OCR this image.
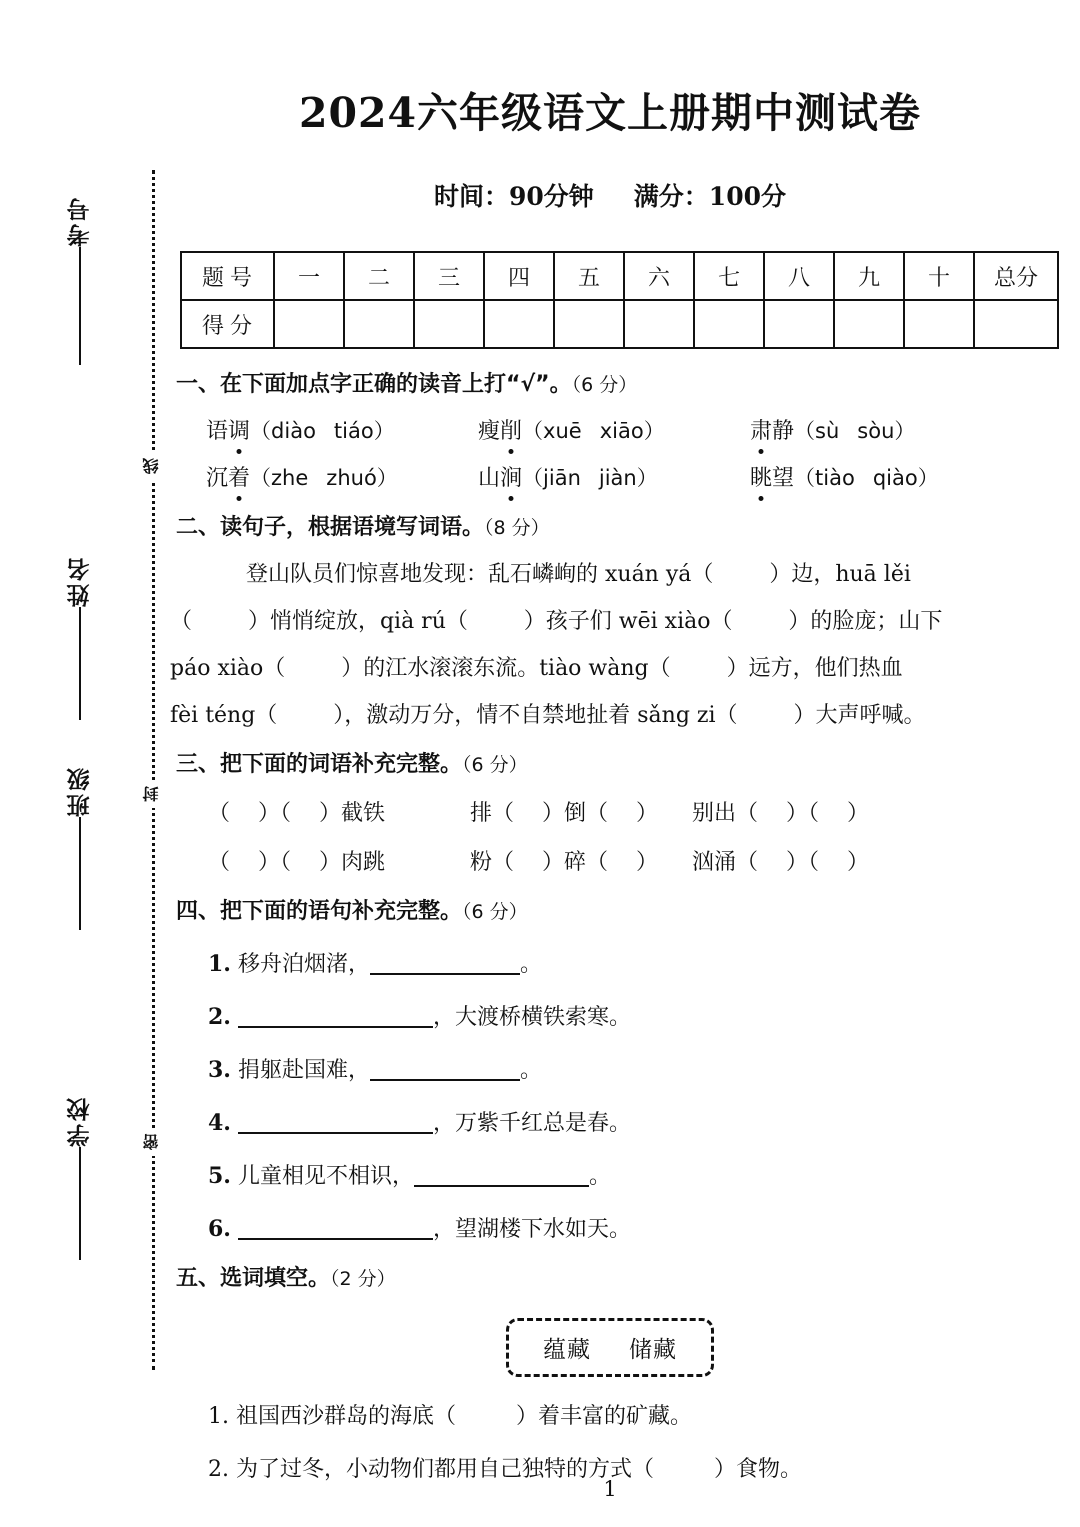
考号
姓名
班级
学校
线
封
密
2024六年级语文上册期中测试卷
时间：90分钟 满分：100分
题号	一	二	三	四	五	六	七	八	九	十	总分
得分											
一、在下面加点字正确的读音上打“√”。（6 分）
语调（diào tiáo）	瘦削（xuē xiāo）	肃静（sù sòu）
沉着（zhe zhuó）	山涧（jiān jiàn）	眺望（tiào qiào）
二、读句子，根据语境写词语。（8 分）
登山队员们惊喜地发现：乱石嶙峋的 xuán yá（        ）边，huā lěi
（        ）悄悄绽放，qià rú（        ）孩子们 wēi xiào（        ）的脸庞；山下
páo xiào（        ）的江水滚滚东流。tiào wàng（        ）远方，他们热血
fèi téng（        ），激动万分，情不自禁地扯着 sǎng zi（        ）大声呼喊。
三、把下面的词语补充完整。（6 分）
（    ）（    ）截铁	排（    ）倒（    ）	别出（    ）（    ）
（    ）（    ）肉跳	粉（    ）碎（    ）	汹涌（    ）（    ）
四、把下面的语句补充完整。（6 分）
1. 移舟泊烟渚，	。
2.	，大渡桥横铁索寒。
3. 捐躯赴国难，	。
4.	，万紫千红总是春。
5. 儿童相见不相识，	。
6.	，望湖楼下水如天。
五、选词填空。（2 分）
蕴藏 储藏
1. 祖国西沙群岛的海底（	）着丰富的矿藏。
2. 为了过冬，小动物们都用自己独特的方式（	）食物。
1
